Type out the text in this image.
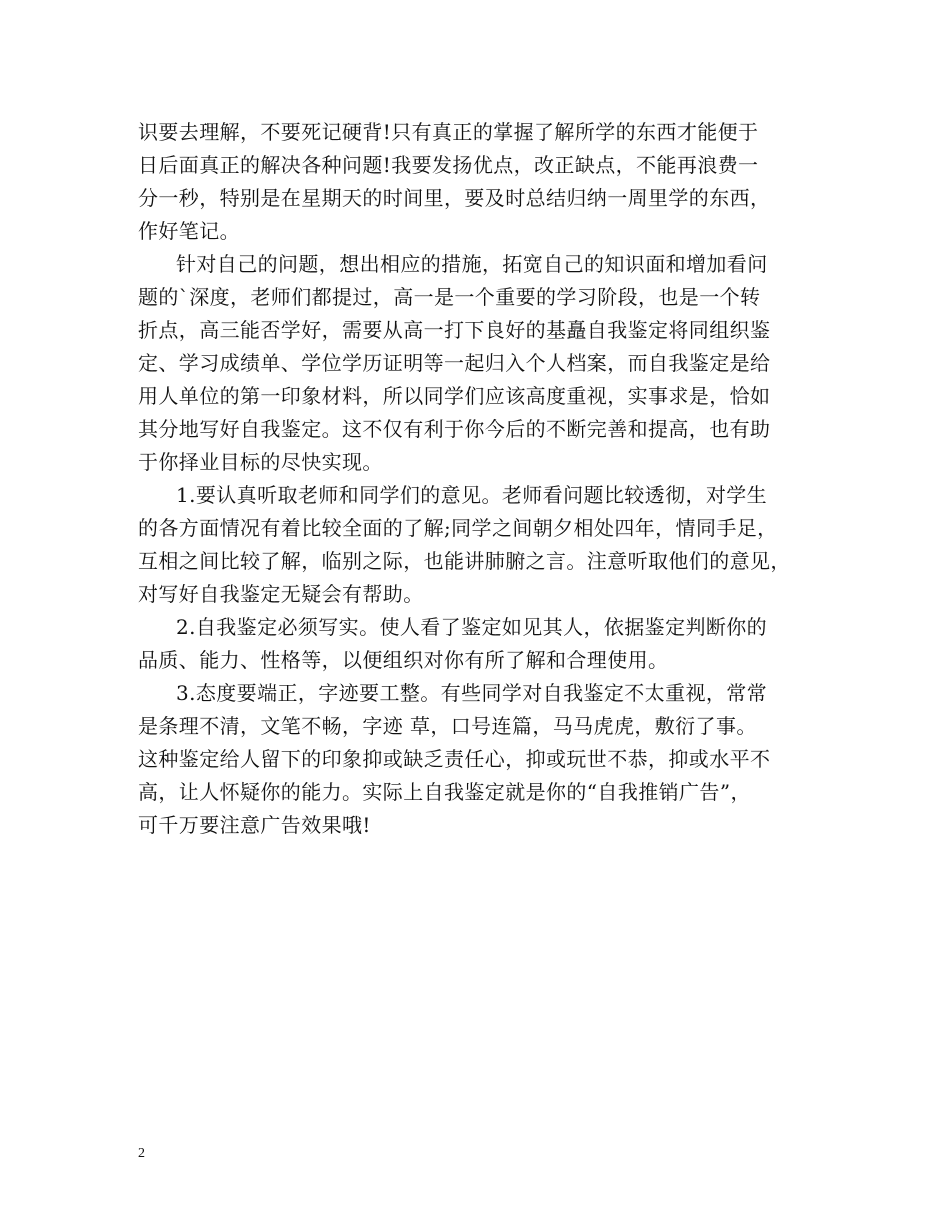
识要去理解，不要死记硬背!只有真正的掌握了解所学的东西才能便于
日后面真正的解决各种问题!我要发扬优点，改正缺点，不能再浪费一
分一秒，特别是在星期天的时间里，要及时总结归纳一周里学的东西，
作好笔记。
针对自己的问题，想出相应的措施，拓宽自己的知识面和增加看问
题的`深度，老师们都提过，高一是一个重要的学习阶段，也是一个转
折点，高三能否学好，需要从高一打下良好的基矗自我鉴定将同组织鉴
定、学习成绩单、学位学历证明等一起归入个人档案，而自我鉴定是给
用人单位的第一印象材料，所以同学们应该高度重视，实事求是，恰如
其分地写好自我鉴定。这不仅有利于你今后的不断完善和提高，也有助
于你择业目标的尽快实现。
1.要认真听取老师和同学们的意见。老师看问题比较透彻，对学生
的各方面情况有着比较全面的了解;同学之间朝夕相处四年，情同手足，
互相之间比较了解，临别之际，也能讲肺腑之言。注意听取他们的意见，
对写好自我鉴定无疑会有帮助。
2.自我鉴定必须写实。使人看了鉴定如见其人，依据鉴定判断你的
品质、能力、性格等，以便组织对你有所了解和合理使用。
3.态度要端正，字迹要工整。有些同学对自我鉴定不太重视，常常
是条理不清，文笔不畅，字迹 草，口号连篇，马马虎虎，敷衍了事。
这种鉴定给人留下的印象抑或缺乏责任心，抑或玩世不恭，抑或水平不
高，让人怀疑你的能力。实际上自我鉴定就是你的“自我推销广告”，
可千万要注意广告效果哦!
2
